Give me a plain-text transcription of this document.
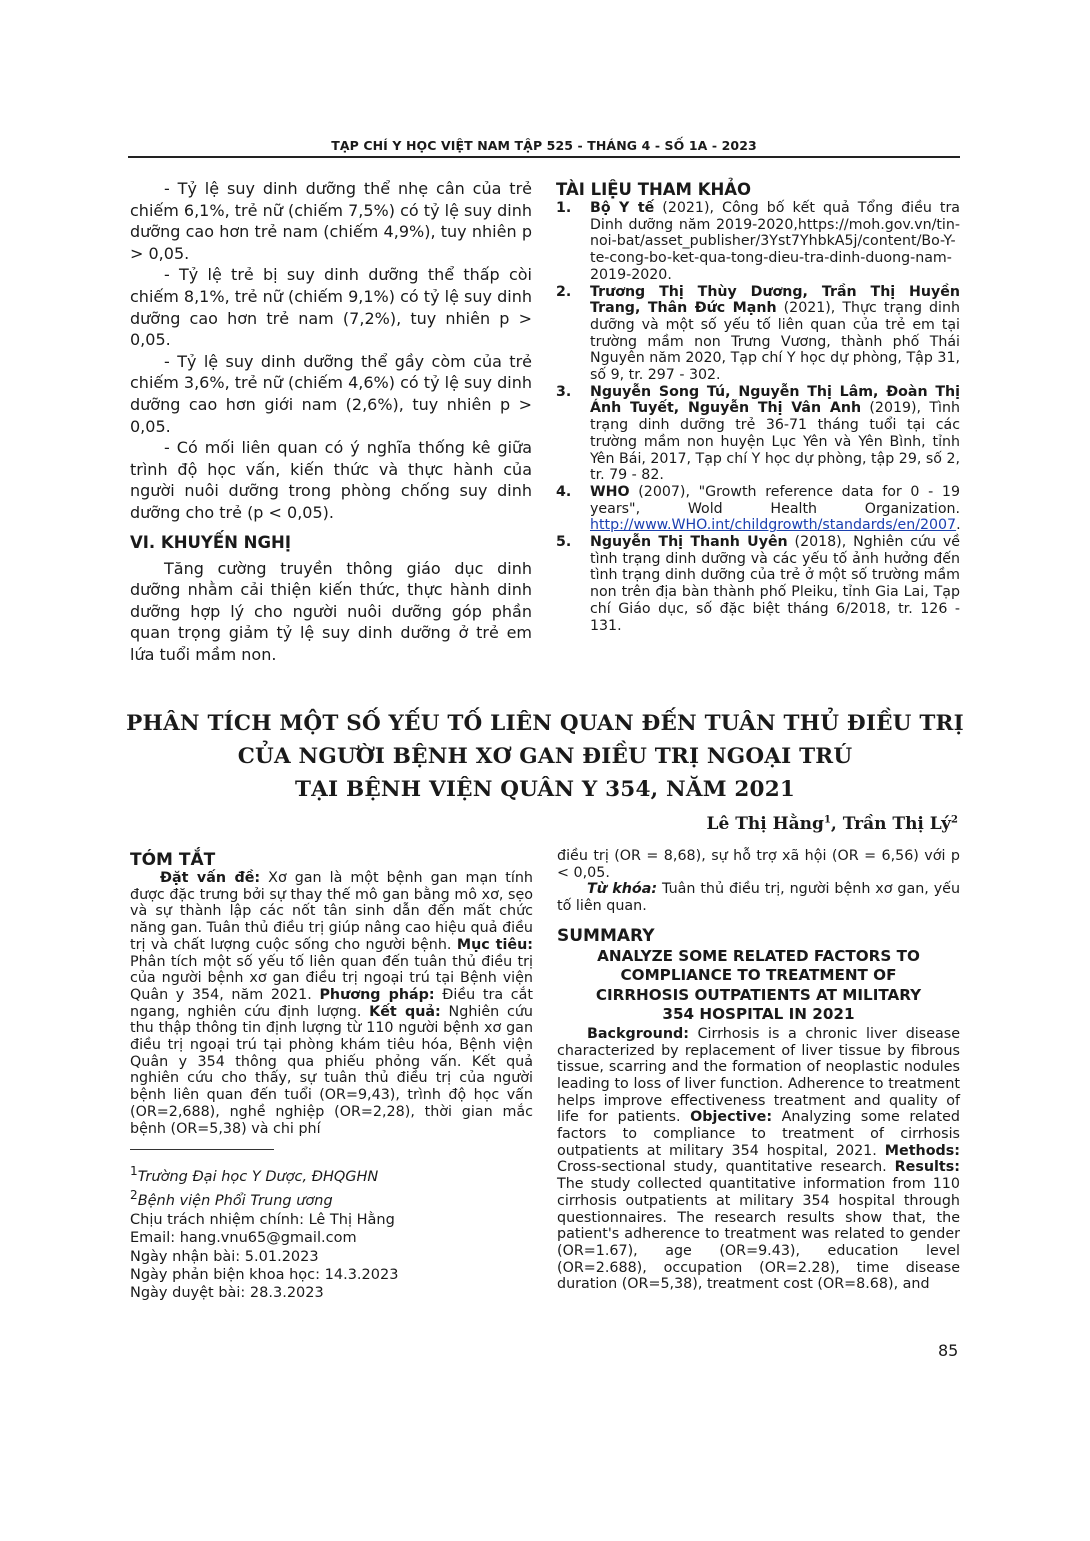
TẠP CHÍ Y HỌC VIỆT NAM TẬP 525 - THÁNG 4 - SỐ 1A - 2023

- Tỷ lệ suy dinh dưỡng thể nhẹ cân của trẻ chiếm 6,1%, trẻ nữ (chiếm 7,5%) có tỷ lệ suy dinh dưỡng cao hơn trẻ nam (chiếm 4,9%), tuy nhiên p > 0,05.

- Tỷ lệ trẻ bị suy dinh dưỡng thể thấp còi chiếm 8,1%, trẻ nữ (chiếm 9,1%) có tỷ lệ suy dinh dưỡng cao hơn trẻ nam (7,2%), tuy nhiên p > 0,05.

- Tỷ lệ suy dinh dưỡng thể gầy còm của trẻ chiếm 3,6%, trẻ nữ (chiếm 4,6%) có tỷ lệ suy dinh dưỡng cao hơn giới nam (2,6%), tuy nhiên p > 0,05.

- Có mối liên quan có ý nghĩa thống kê giữa trình độ học vấn, kiến thức và thực hành của người nuôi dưỡng trong phòng chống suy dinh dưỡng cho trẻ (p < 0,05).

VI. KHUYẾN NGHỊ

Tăng cường truyền thông giáo dục dinh dưỡng nhằm cải thiện kiến thức, thực hành dinh dưỡng hợp lý cho người nuôi dưỡng góp phần quan trọng giảm tỷ lệ suy dinh dưỡng ở trẻ em lứa tuổi mầm non.

TÀI LIỆU THAM KHẢO
1. Bộ Y tế (2021), Công bố kết quả Tổng điều tra Dinh dưỡng năm 2019-2020,https://moh.gov.vn/tin-noi-bat/asset_publisher/3Yst7YhbkA5j/content/Bo-Y-te-cong-bo-ket-qua-tong-dieu-tra-dinh-duong-nam-2019-2020.
2. Trương Thị Thùy Dương, Trần Thị Huyền Trang, Thân Đức Mạnh (2021), Thực trạng dinh dưỡng và một số yếu tố liên quan của trẻ em tại trường mầm non Trưng Vương, thành phố Thái Nguyên năm 2020, Tạp chí Y học dự phòng, Tập 31, số 9, tr. 297 - 302.
3. Nguyễn Song Tú, Nguyễn Thị Lâm, Đoàn Thị Ánh Tuyết, Nguyễn Thị Vân Anh (2019), Tình trạng dinh dưỡng trẻ 36-71 tháng tuổi tại các trường mầm non huyện Lục Yên và Yên Bình, tỉnh Yên Bái, 2017, Tạp chí Y học dự phòng, tập 29, số 2, tr. 79 - 82.
4. WHO (2007), "Growth reference data for 0 - 19 years", Wold Health Organization. http://www.WHO.int/childgrowth/standards/en/2007.
5. Nguyễn Thị Thanh Uyên (2018), Nghiên cứu về tình trạng dinh dưỡng và các yếu tố ảnh hưởng đến tình trạng dinh dưỡng của trẻ ở một số trường mầm non trên địa bàn thành phố Pleiku, tỉnh Gia Lai, Tạp chí Giáo dục, số đặc biệt tháng 6/2018, tr. 126 - 131.
PHÂN TÍCH MỘT SỐ YẾU TỐ LIÊN QUAN ĐẾN TUÂN THỦ ĐIỀU TRỊ
CỦA NGƯỜI BỆNH XƠ GAN ĐIỀU TRỊ NGOẠI TRÚ
TẠI BỆNH VIỆN QUÂN Y 354, NĂM 2021
Lê Thị Hằng$^1$, Trần Thị $Lý^2$
TÓM TẮT

Đặt vấn đề: Xơ gan là một bệnh gan mạn tính được đặc trưng bởi sự thay thế mô gan bằng mô xơ, sẹo và sự thành lập các nốt tân sinh dẫn đến mất chức năng gan. Tuân thủ điều trị giúp nâng cao hiệu quả điều trị và chất lượng cuộc sống cho người bệnh. Mục tiêu: Phân tích một số yếu tố liên quan đến tuân thủ điều trị của người bệnh xơ gan điều trị ngoại trú tại Bệnh viện Quân y 354, năm 2021. Phương pháp: Điều tra cắt ngang, nghiên cứu định lượng. Kết quả: Nghiên cứu thu thập thông tin định lượng từ 110 người bệnh xơ gan điều trị ngoại trú tại phòng khám tiêu hóa, Bệnh viện Quân y 354 thông qua phiếu phỏng vấn. Kết quả nghiên cứu cho thấy, sự tuân thủ điều trị của người bệnh liên quan đến tuổi (OR=9,43), trình độ học vấn (OR=2,688), nghề nghiệp (OR=2,28), thời gian mắc bệnh (OR=5,38) và chi phí

$^1$Trường Đại học Y Dược, ĐHQGHN
$^2$Bệnh viện Phổi Trung ương
Chịu trách nhiệm chính: Lê Thị Hằng
Email: hang.vnu65@gmail.com
Ngày nhận bài: 5.01.2023
Ngày phản biện khoa học: 14.3.2023
Ngày duyệt bài: 28.3.2023

điều trị (OR = 8,68), sự hỗ trợ xã hội (OR = 6,56) với p < 0,05.

Từ khóa: Tuân thủ điều trị, người bệnh xơ gan, yếu tố liên quan.

SUMMARY
ANALYZE SOME RELATED FACTORS TO
COMPLIANCE TO TREATMENT OF
CIRRHOSIS OUTPATIENTS AT MILITARY
354 HOSPITAL IN 2021

Background: Cirrhosis is a chronic liver disease characterized by replacement of liver tissue by fibrous tissue, scarring and the formation of neoplastic nodules leading to loss of liver function. Adherence to treatment helps improve effectiveness treatment and quality of life for patients. Objective: Analyzing some related factors to compliance to treatment of cirrhosis outpatients at military 354 hospital, 2021. Methods: Cross-sectional study, quantitative research. Results: The study collected quantitative information from 110 cirrhosis outpatients at military 354 hospital through questionnaires. The research results show that, the patient's adherence to treatment was related to gender (OR=1.67), age (OR=9.43), education level (OR=2.688), occupation (OR=2.28), time disease duration (OR=5,38), treatment cost (OR=8.68), and

85
